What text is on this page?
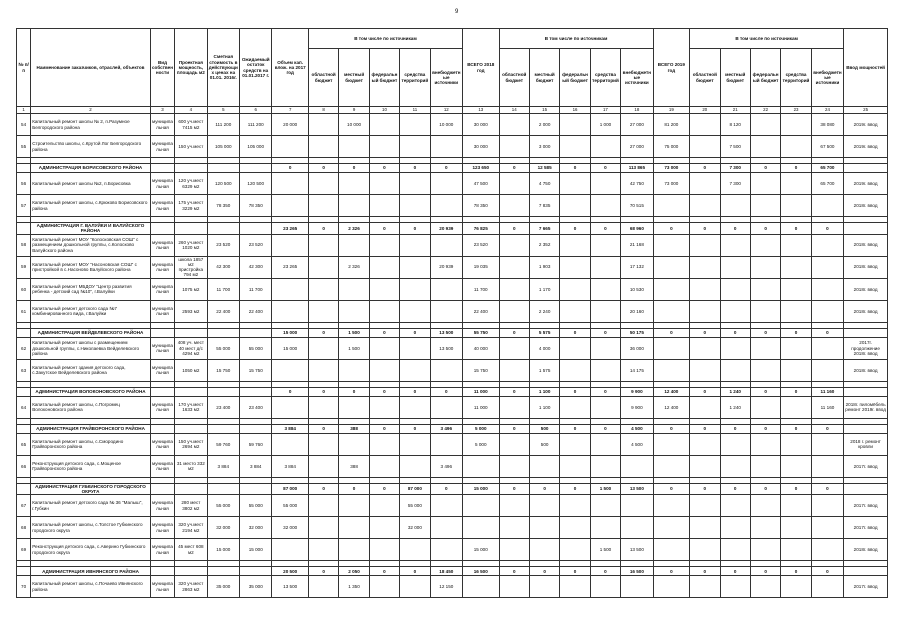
9
№ п/п	Наименование заказчиков, отраслей, объектов	Вид собствен ности	Проектная мощность, площадь м2	Сметная стоимость в действующих ценах на 01.01. 2016г.	Ожидаемый остаток средств на 01.01.2017 г.	Объем кап. влож. на 2017 год	В том числе по источникам					ВСЕГО 2018 год	В том числе по источникам					ВСЕГО 2019 год	В том числе по источникам					Ввод мощностей
							областной бюджет	местный бюджет	федеральный бюджет	средства территорий	внебюджетные источники		областной бюджет	местный бюджет	федеральный бюджет	средства территорий	внебюджетные источники		областной бюджет	местный бюджет	федеральный бюджет	средства территорий	внебюджетные источники	
1	2	3	4	5	6	7	8	9	10	11	12	13	14	15	16	17	18	19	20	21	22	23	24	25
54	Капитальный ремонт школы № 2, п.Разумное Белгородского района	муниципальная	600 уч.мест 7415 м2	111 200	111 200	20 000		10 000			10 000	30 000		2 000		1 000	27 000	81 200		8 120			38 080	2019г. ввод
55	Строительство школы, с.Крутой Лог Белгородского района	муниципальная	150 уч.мест	105 000	105 000							30 000		3 000			27 000	75 000		7 500			67 500	2019г. ввод

	АДМИНИСТРАЦИЯ БОРИСОВСКОГО РАЙОНА					0	0	0	0	0	0	123 650	0	12 585	0	0	113 865	73 000	0	7 300	0	0	65 700	
56	Капитальный ремонт школы №2, п.Борисовка	муниципальная	120 уч.мест 6329 м2	120 500	120 500							47 500		4 750			42 750	73 000		7 300			65 700	2019г. ввод
57	Капитальный ремонт школы, с.Крюково Борисовского района	муниципальная	175 уч.мест 3229 м2	78 350	78 350							78 350		7 835			70 515							2018г. ввод

	АДМИНИСТРАЦИЯ Г. ВАЛУЙКИ И ВАЛУЙСКОГО РАЙОНА					23 265	0	2 326	0	0	20 939	76 825	0	7 665	0	0	68 960	0	0	0	0	0	0	
58	Капитальный ремонт МОУ "Колосковская СОШ" с размещением дошкольной группы, с.Колосково Валуйского района	муниципальная	260 уч.мест 1020 м2	23 520	23 520							23 520		2 352			21 168							2018г. ввод
59	Капитальный ремонт МОУ "Насоновская СОШ" с пристройкой в с.Насоново Валуйского района	муниципальная	школа 1857 м2 пристройка 794 м2	42 300	42 300	23 265		2 326			20 939	19 035		1 903			17 132							2018г. ввод
60	Капитальный ремонт МБДОУ "Центр развития ребенка - детский сад №10", г.Валуйки	муниципальная	1075 м2	11 700	11 700							11 700		1 170			10 530							2018г. ввод
61	Капитальный ремонт детского сада №7 комбинированного вида, г.Валуйки	муниципальная	2593 м2	22 400	22 400							22 400		2 240			20 160							2018г. ввод

	АДМИНИСТРАЦИЯ ВЕЙДЕЛЕВСКОГО РАЙОНА					15 000	0	1 500	0	0	13 500	55 750	0	5 575	0	0	50 175	0	0	0	0	0	0	
62	Капитальный ремонт школы с размещением дошкольной группы, с.Николаевка Вейделевского района	муниципальная	408 уч. мест 40 мест д/с 4294 м2	55 000	55 000	15 000		1 500			13 500	40 000		4 000			36 000							2017г. продолжение 2018г. ввод
63	Капитальный ремонт здания детского сада, с.Закутское Вейделевского района	муниципальная	1050 м2	15 750	15 750							15 750		1 575			14 175							2018г. ввод

	АДМИНИСТРАЦИЯ ВОЛОКОНОВСКОГО РАЙОНА					0	0	0	0	0	0	11 000	0	1 100	0	0	9 900	12 400	0	1 240	0	0	11 160	
64	Капитальный ремонт школы, с.Погромец Волоконовского района	муниципальная	170 уч.мест 1633 м2	23 400	23 400							11 000		1 100			9 900	12 400		1 240			11 160	2018г. пиломёбель ремонт 2019г. ввод

	АДМИНИСТРАЦИЯ ГРАЙВОРОНСКОГО РАЙОНА					3 884	0	388	0	0	3 496	5 000	0	500	0	0	4 500	0	0	0	0	0	0	
65	Капитальный ремонт школы, с.Смородино Грайворонского района	муниципальная	150 уч.мест 2694 м2	59 760	59 760							5 000		500			4 500							2018 г. ремонт кровли
66	Реконструкция детского сада, с.Мощеное Грайворонского района	муниципальная	31 место 332 м2	3 884	3 884	3 884		388			3 496													2017г. ввод

	АДМИНИСТРАЦИЯ ГУБКИНСКОГО ГОРОДСКОГО ОКРУГА					87 000	0	0	0	87 000	0	15 000	0	0	0	1 500	13 500	0	0	0	0	0	0	
67	Капитальный ремонт детского сада № 36 "Малыш", г.Губкин	муниципальная	280 мест 3802 м2	55 000	55 000	55 000				55 000														2017г. ввод
68	Капитальный ремонт школы, с.Толстое Губкинского городского округа	муниципальная	320 уч.мест 2194 м2	32 000	32 000	32 000				32 000														2017г. ввод
69	Реконструкция детского сада, с.Аверино Губкинского городского округа	муниципальная	45 мест 608 м2	15 000	15 000							15 000				1 500	13 500							2018г. ввод

	АДМИНИСТРАЦИЯ ИВНЯНСКОГО РАЙОНА					20 500	0	2 050	0	0	18 450	16 500	0	0	0	0	16 500	0	0	0	0	0	0	
70	Капитальный ремонт школы, с.Почаево Ивнянского района	муниципальная	320 уч.мест 2863 м2	35 000	35 000	13 500		1 350			12 150													2017г. ввод
